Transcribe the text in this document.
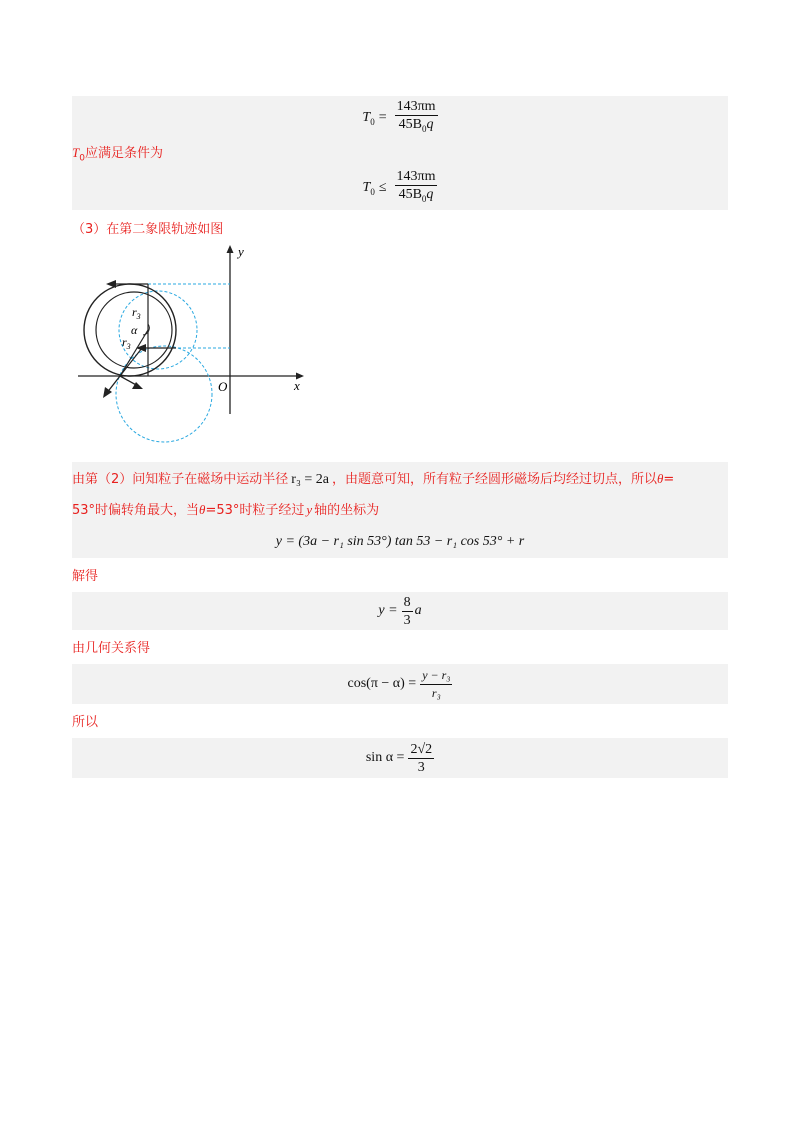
$T_0 = \frac{143\pi m}{45B_0q}$
$T_0$应满足条件为
$T_0 \le \frac{143\pi m}{45B_0q}$
（3）在第二象限轨迹如图
y
x
O
$r_3$
α
$r_3$
由第（2）问知粒子在磁场中运动半径 r₃ = 2a ，由题意可知，所有粒子经圆形磁场后均经过切点，所以θ=
53°时偏转角最大，当θ=53°时粒子经过 y 轴的坐标为
y = (3a − r₁ sin 53°) tan 53 − r₁ cos 53° + r
解得
$y = \frac{8}{3}$ a
由几何关系得
$\cos(\pi - \alpha) = \frac{\text{y − r₃}}{\text{r₃}}$
所以
$\sin \alpha = \frac{2√2}{3}$
